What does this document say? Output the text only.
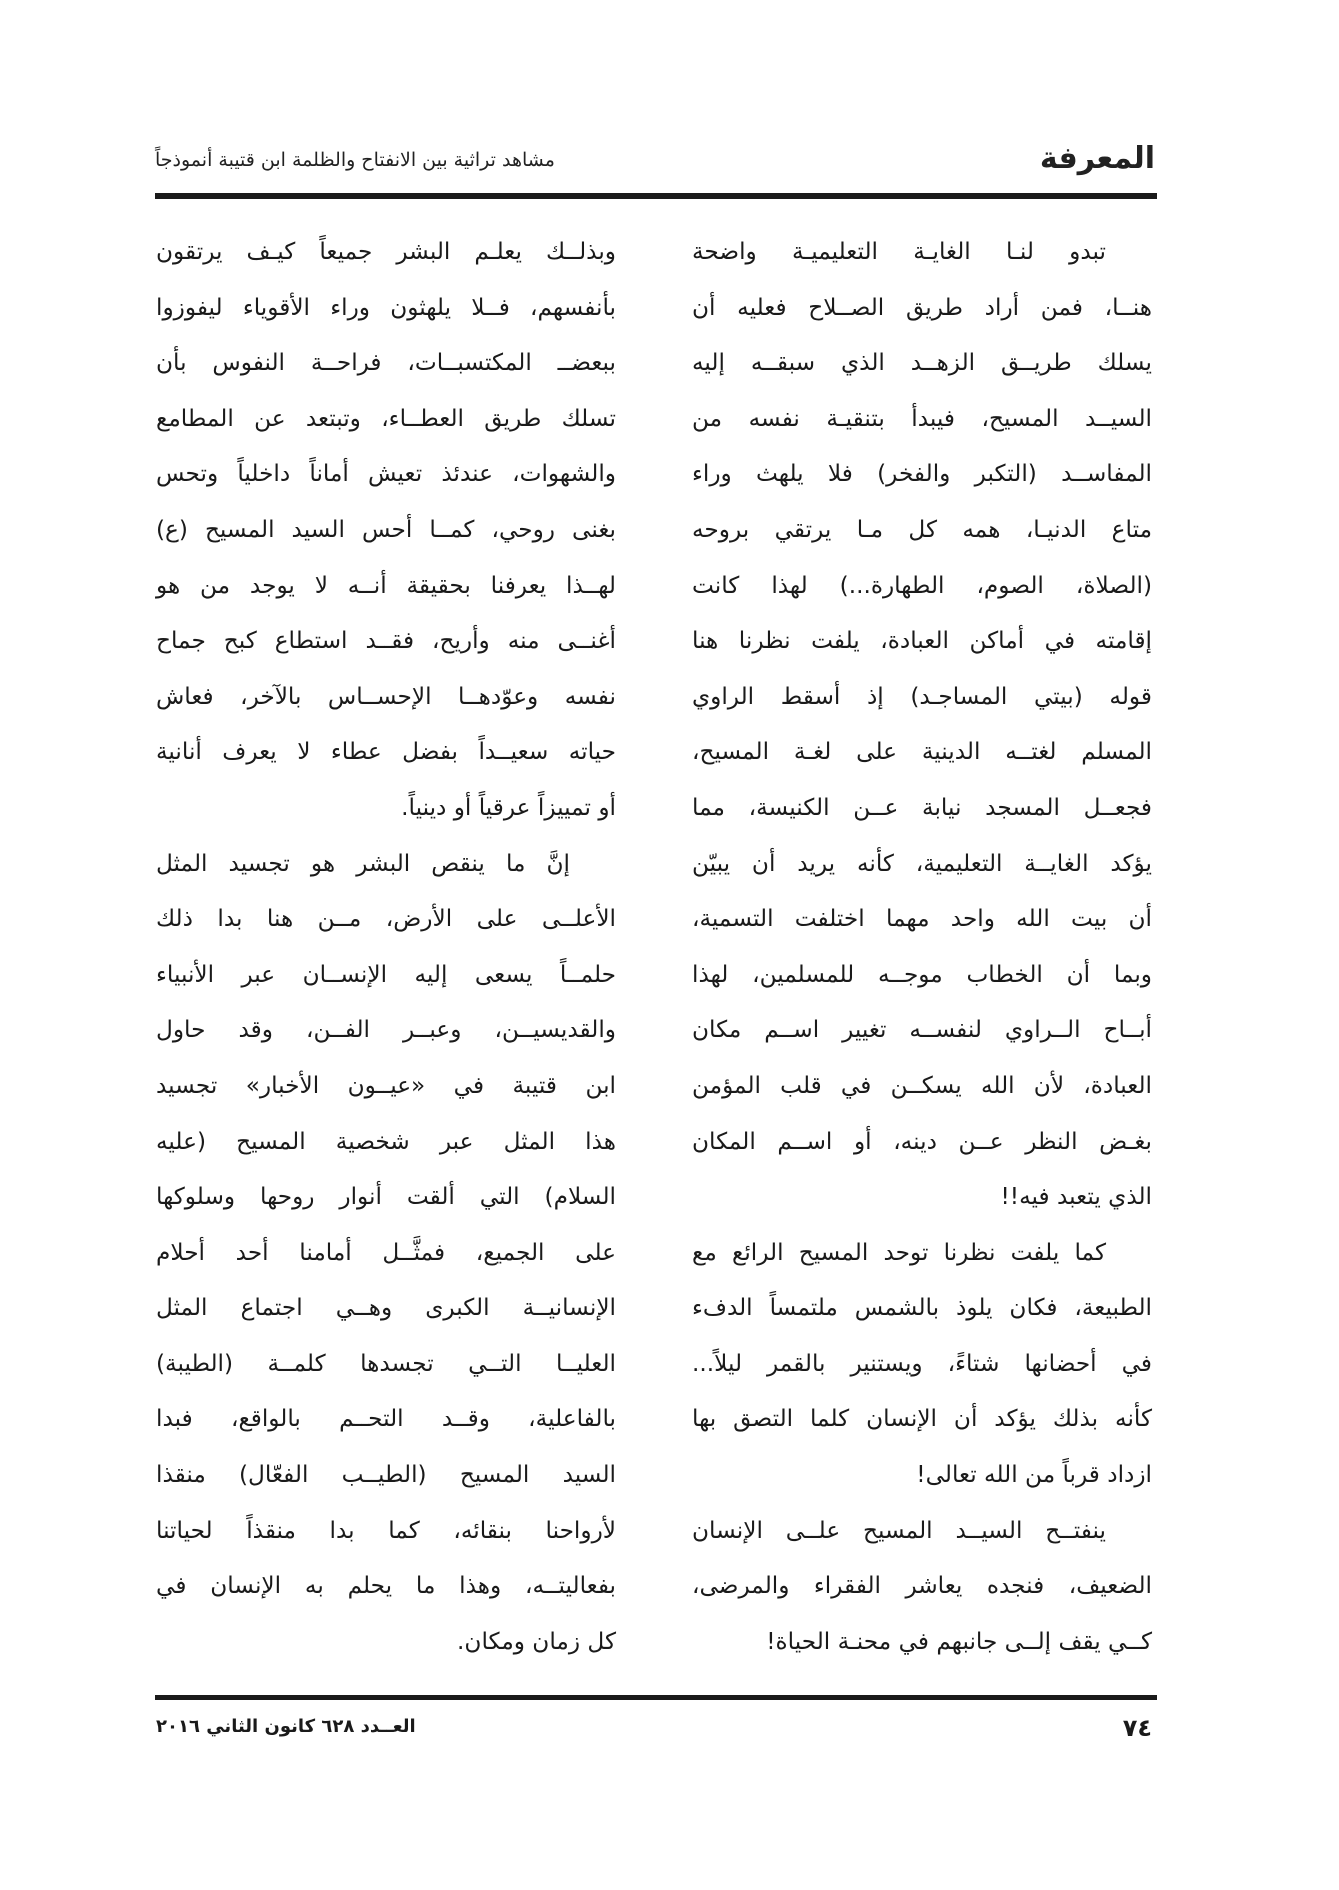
المعرفة
مشاهد تراثية بين الانفتاح والظلمة ابن قتيبة أنموذجاً
تبدو لنـا الغايـة التعليميـة واضحة
هنــا، فمن أراد طريق الصــلاح فعليه أن
يسلك طريــق الزهــد الذي سبقــه إليه
السيــد المسيح، فيبدأ بتنقيـة نفسه من
المفاســد (التكبر والفخر) فلا يلهث وراء
متاع الدنيـا، همه كل مـا يرتقي بروحه
(الصلاة، الصوم، الطهارة...) لهذا كانت
إقامته في أماكن العبادة، يلفت نظرنا هنا
قوله (بيتي المساجـد) إذ أسقط الراوي
المسلم لغتــه الدينية على لغـة المسيح،
فجعــل المسجد نيابة عــن الكنيسة، مما
يؤكد الغايــة التعليمية، كأنه يريد أن يبيّن
أن بيت الله واحد مهما اختلفت التسمية،
وبما أن الخطاب موجــه للمسلمين، لهذا
أبــاح الــراوي لنفســه تغيير اســم مكان
العبادة، لأن الله يسكــن في قلب المؤمن
بغـض النظر عــن دينه، أو اســم المكان
الذي يتعبد فيه!!
كما يلفت نظرنا توحد المسيح الرائع مع
الطبيعة، فكان يلوذ بالشمس ملتمساً الدفء
في أحضانها شتاءً، ويستنير بالقمر ليلاً...
كأنه بذلك يؤكد أن الإنسان كلما التصق بها
ازداد قرباً من الله تعالى!
ينفتــح السيــد المسيح علــى الإنسان
الضعيف، فنجده يعاشر الفقراء والمرضى،
كــي يقف إلــى جانبهم في محنـة الحياة!
وبذلــك يعلـم البشر جميعاً كيـف يرتقون
بأنفسهم، فــلا يلهثون وراء الأقوياء ليفوزوا
ببعضــ المكتسبــات، فراحــة النفوس بأن
تسلك طريق العطــاء، وتبتعد عن المطامع
والشهوات، عندئذ تعيش أماناً داخلياً وتحس
بغنى روحي، كمــا أحس السيد المسيح (ع)
لهــذا يعرفنا بحقيقة أنــه لا يوجد من هو
أغنــى منه وأريح، فقــد استطاع كبح جماح
نفسه وعوّدهــا الإحســاس بالآخر، فعاش
حياته سعيــداً بفضل عطاء لا يعرف أنانية
أو تمييزاً عرقياً أو دينياً.
إنَّ ما ينقص البشر هو تجسيد المثل
الأعلــى على الأرض، مــن هنا بدا ذلك
حلمــاً يسعى إليه الإنســان عبر الأنبياء
والقديسيــن، وعبــر الفــن، وقد حاول
ابن قتيبة في «عيــون الأخبار» تجسيد
هذا المثل عبر شخصية المسيح (عليه
السلام) التي ألقت أنوار روحها وسلوكها
على الجميع، فمثَّــل أمامنا أحد أحلام
الإنسانيــة الكبرى وهــي اجتماع المثل
العليــا التــي تجسدها كلمــة (الطيبة)
بالفاعلية، وقــد التحــم بالواقع، فبدا
السيد المسيح (الطيــب الفعّال) منقذا
لأرواحنا بنقائه، كما بدا منقذاً لحياتنا
بفعاليتــه، وهذا ما يحلم به الإنسان في
كل زمان ومكان.
٧٤
العــدد ٦٢٨ كانون الثاني ٢٠١٦
